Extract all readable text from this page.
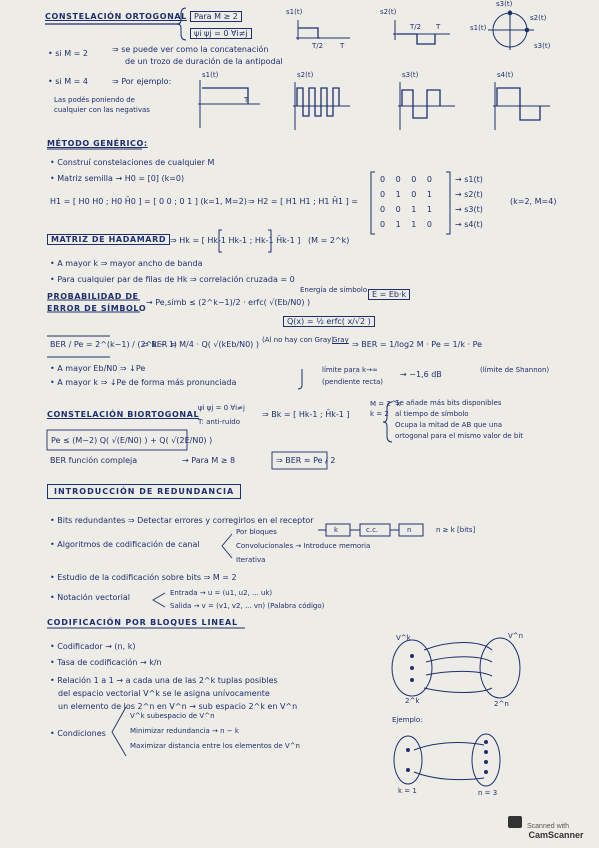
CONSTELACIÓN ORTOGONAL Para M ≥ 2
ψi ψj = 0 ∀i≠j
s1(t)	s2(t)
s3(t)
T/2 T
T/2 T
s2(t)
s3(t)
s1(t)
• si M = 2	⇒ se puede ver como la concatenación
de un trozo de duración de la antipodal
• si M = 4	⇒ Por ejemplo:
Las podés poniendo de
cualquier con las negativas
s1(t)	s2(t)	s3(t)	s4(t)
T
MÉTODO GENÉRICO:
• Construí constelaciones de cualquier M
• Matriz semilla → H0 = [0] (k=0)
H1 = [ H0 H0 ; H0 H̄0 ] = [ 0 0 ; 0 1 ] (k=1, M=2) ⇒ H2 = [ H1 H1 ; H1 H̄1 ] =
0 0 0 0
0 1 0 1
0 0 1 1
0 1 1 0
→ s1(t)
→ s2(t)
→ s3(t)
→ s4(t)
(k=2, M=4)
MATRIZ DE HADAMARD ⇒ Hk = [ Hk-1 Hk-1 ; Hk-1 H̄k-1 ] (M = 2^k)
• A mayor k ⇒ mayor ancho de banda
• Para cualquier par de filas de Hk ⇒ correlación cruzada = 0
PROBABILIDAD DE
ERROR DE SÍMBOLO
→ Pe,símb ≤ (2^k−1)/2 · erfc( √(Eb/N0) )
Energía de símbolo E = Eb·k
Q(x) = ½ erfc( x/√2 )
BER / Pe = 2^(k−1) / (2^k − 1)
⇒ BER ≈ M/4 · Q( √(kEb/N0) ) (Al no hay con Gray)
Gray ⇒ BER = 1/log2 M · Pe = 1/k · Pe
• A mayor Eb/N0 ⇒ ↓Pe
• A mayor k ⇒ ↓Pe de forma más pronunciada
límite para k→∞
(pendiente recta)
→ −1,6 dB	(límite de Shannon)
CONSTELACIÓN BIORTOGONAL
ψi ψj = 0 ∀i≠j
T: anti-ruido
⇒ Bk = [ Hk-1 ; H̄k-1 ]
M = 2^k
k = 2
Se añade más bits disponibles
al tiempo de símbolo
Ocupa la mitad de AB que una
ortogonal para el mismo valor de bit
Pe ≤ (M−2) Q( √(E/N0) ) + Q( √(2E/N0) )
BER función compleja	→ Para M ≥ 8	⇒ BER ≈ Pe / 2
INTRODUCCIÓN DE REDUNDANCIA
• Bits redundantes ⇒ Detectar errores y corregirlos en el receptor
• Algoritmos de codificación de canal
Por bloques
Convolucionales → Introduce memoria
Iterativa
k	c.c.	n	n ≥ k [bits]
• Estudio de la codificación sobre bits ⇒ M = 2
• Notación vectorial	Entrada → u = (u1, u2, ... uk)
Salida → v = (v1, v2, ... vn) (Palabra código)
CODIFICACIÓN POR BLOQUES LINEAL
• Codificador → (n, k)
• Tasa de codificación → k/n
• Relación 1 a 1 → a cada una de las 2^k tuplas posibles
del espacio vectorial V^k se le asigna unívocamente
un elemento de los 2^n en V^n → sub espacio 2^k en V^n
• Condiciones
V^k subespacio de V^n
Minimizar redundancia → n − k
Maximizar distancia entre los elementos de V^n
V^k	V^n
2^k	2^n
Ejemplo:
k = 1	n = 3
Scanned with
CamScanner
